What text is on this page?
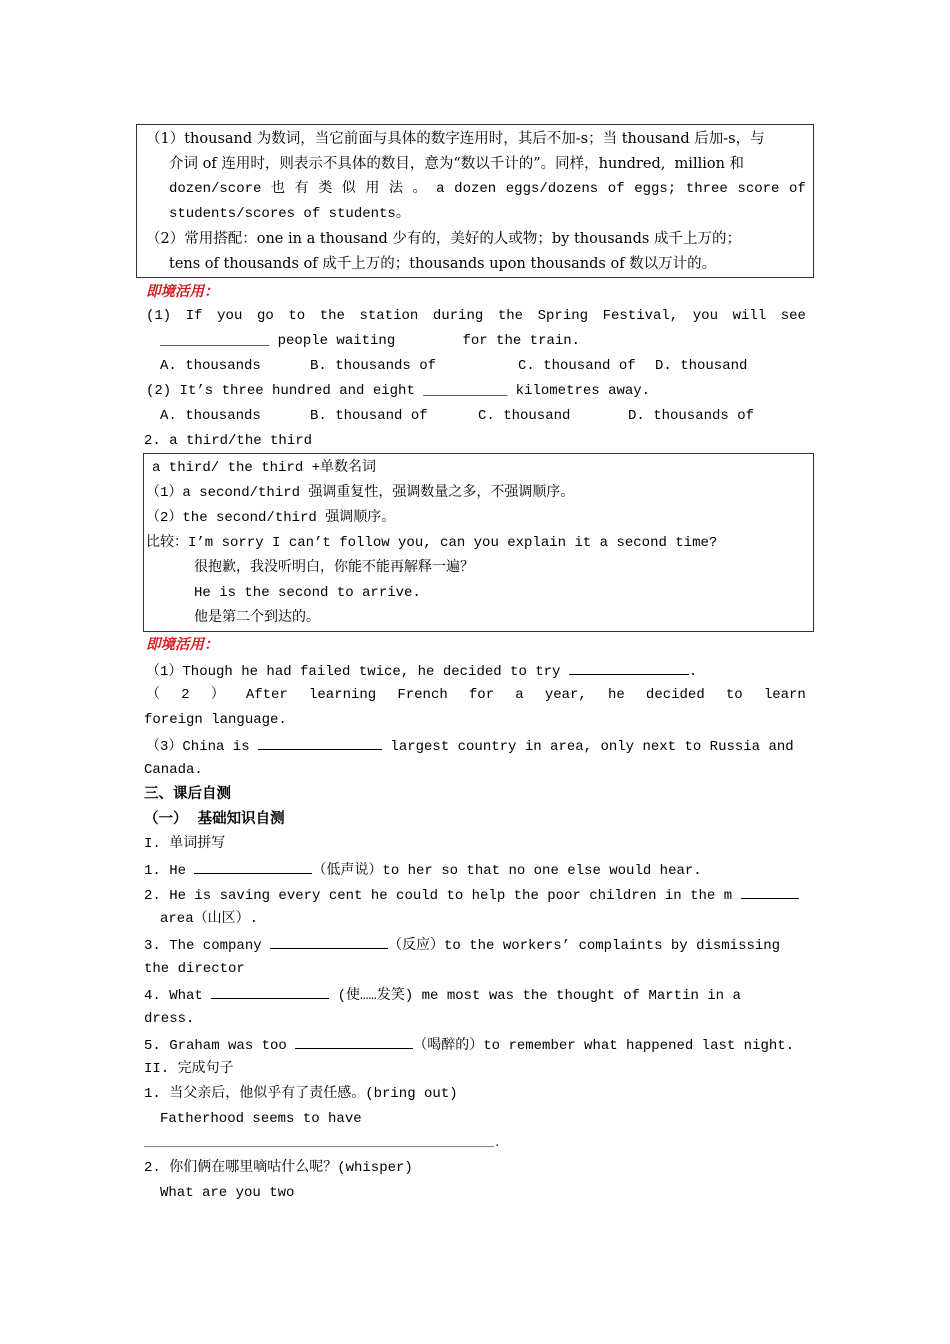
（1）thousand 为数词，当它前面与具体的数字连用时，其后不加-s；当 thousand 后加-s，与
介词 of 连用时，则表示不具体的数目，意为“数以千计的”。同样，hundred,  million 和
dozen/score 也 有 类 似 用 法 。 a dozen eggs/dozens of eggs; three score of
students/scores of students。
（2）常用搭配：one in a thousand 少有的，美好的人或物；by thousands 成千上万的；
tens of thousands of 成千上万的；thousands upon thousands of 数以万计的。
即境活用：
(1) If you go to the station during the Spring Festival, you will see
_____________ people waiting        for the train.
A. thousands	B. thousands of	C. thousand of D. thousand
(2) It’s three hundred and eight __________ kilometres away.
A. thousands	B. thousand of	C. thousand	D. thousands of
2. a third/the third
a third/ the third +单数名词
（1）a second/third 强调重复性，强调数量之多，不强调顺序。
（2）the second/third 强调顺序。
比较：I’m sorry I can’t follow you, can you explain it a second time?
很抱歉，我没听明白，你能不能再解释一遍？
He is the second to arrive.
他是第二个到达的。
即境活用：
（1）Though he had failed twice, he decided to try	.
（ 2 ） After learning French for a year, he decided to learn
foreign language.
（3）China is	largest country in area, only next to Russia and
Canada.
三、课后自测
（一）  基础知识自测
I. 单词拼写
1. He	（低声说）to her so that no one else would hear.
2. He is saving every cent he could to help the poor children in the m
area（山区）.
3. The company	（反应）to the workers’ complaints by dismissing
the director
4. What	(使……发笑) me most was the thought of Martin in a
dress.
5. Graham was too	（喝醉的）to remember what happened last night.
II. 完成句子
1. 当父亲后，他似乎有了责任感。(bring out)
Fatherhood seems to have
_____________________________________________________.
2. 你们俩在哪里嘀咕什么呢？(whisper)
What are you two
